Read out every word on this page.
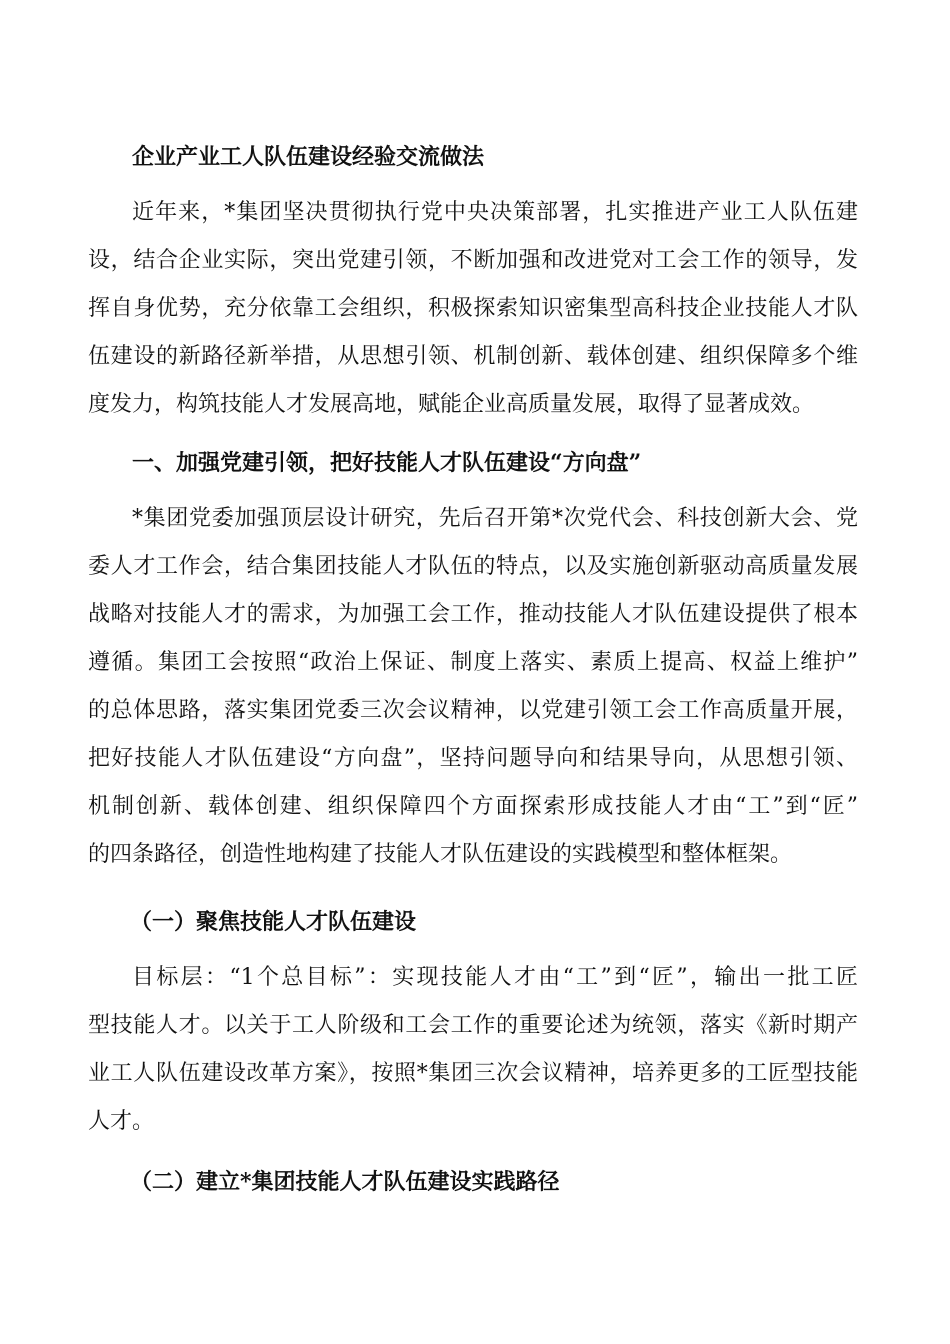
企业产业工人队伍建设经验交流做法
近年来，*集团坚决贯彻执行党中央决策部署，扎实推进产业工人队伍建
设，结合企业实际，突出党建引领，不断加强和改进党对工会工作的领导，发
挥自身优势，充分依靠工会组织，积极探索知识密集型高科技企业技能人才队
伍建设的新路径新举措，从思想引领、机制创新、载体创建、组织保障多个维
度发力，构筑技能人才发展高地，赋能企业高质量发展，取得了显著成效。
一、加强党建引领，把好技能人才队伍建设“方向盘”
*集团党委加强顶层设计研究，先后召开第*次党代会、科技创新大会、党
委人才工作会，结合集团技能人才队伍的特点，以及实施创新驱动高质量发展
战略对技能人才的需求，为加强工会工作，推动技能人才队伍建设提供了根本
遵循。集团工会按照“政治上保证、制度上落实、素质上提高、权益上维护”
的总体思路，落实集团党委三次会议精神，以党建引领工会工作高质量开展，
把好技能人才队伍建设“方向盘”，坚持问题导向和结果导向，从思想引领、
机制创新、载体创建、组织保障四个方面探索形成技能人才由“工”到“匠”
的四条路径，创造性地构建了技能人才队伍建设的实践模型和整体框架。
（一）聚焦技能人才队伍建设
目标层：“1个总目标”：实现技能人才由“工”到“匠”，输出一批工匠
型技能人才。以关于工人阶级和工会工作的重要论述为统领，落实《新时期产
业工人队伍建设改革方案》，按照*集团三次会议精神，培养更多的工匠型技能
人才。
（二）建立*集团技能人才队伍建设实践路径
